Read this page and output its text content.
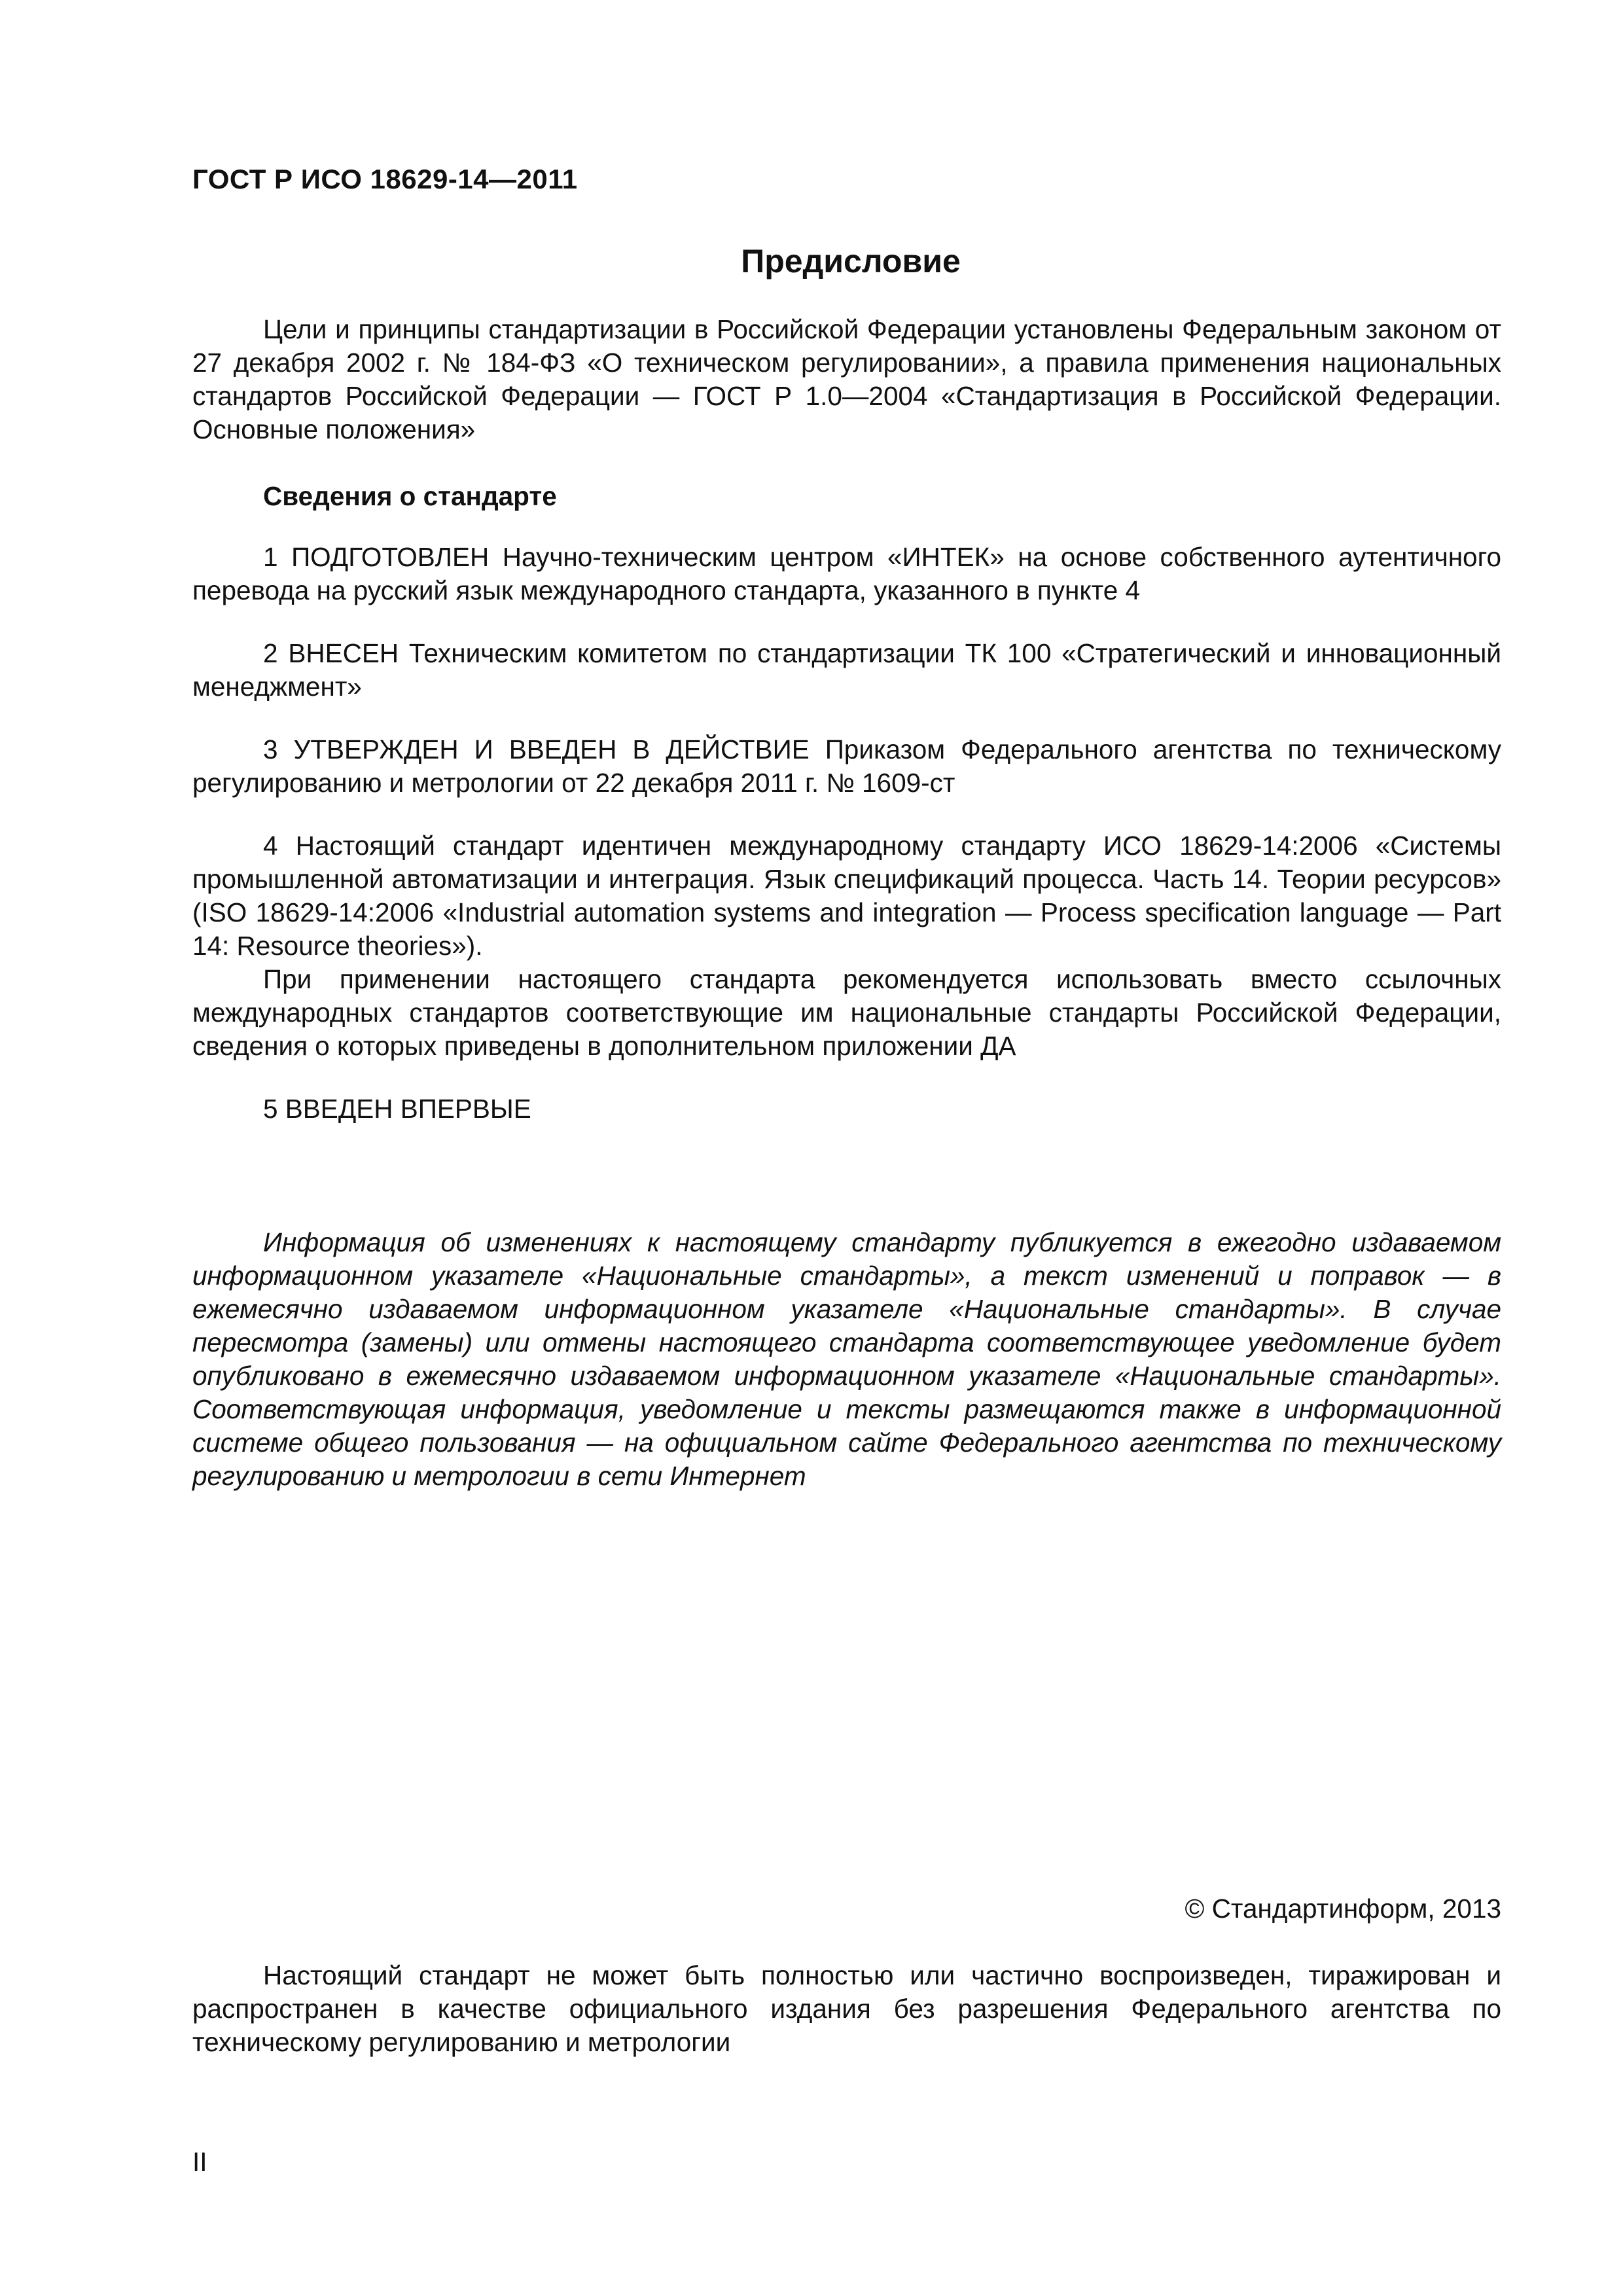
ГОСТ Р ИСО 18629-14—2011
Предисловие

Цели и принципы стандартизации в Российской Федерации установлены Федеральным законом от 27 декабря 2002 г. № 184-ФЗ «О техническом регулировании», а правила применения национальных стандартов Российской Федерации — ГОСТ Р 1.0—2004 «Стандартизация в Российской Федерации. Основные положения»

Сведения о стандарте

1 ПОДГОТОВЛЕН Научно-техническим центром «ИНТЕК» на основе собственного аутентичного перевода на русский язык международного стандарта, указанного в пункте 4

2 ВНЕСЕН Техническим комитетом по стандартизации ТК 100 «Стратегический и инновационный менеджмент»

3 УТВЕРЖДЕН И ВВЕДЕН В ДЕЙСТВИЕ Приказом Федерального агентства по техническому регулированию и метрологии от 22 декабря 2011 г. № 1609-ст

4 Настоящий стандарт идентичен международному стандарту ИСО 18629-14:2006 «Системы промышленной автоматизации и интеграция. Язык спецификаций процесса. Часть 14. Теории ресурсов» (ISO 18629-14:2006 «Industrial automation systems and integration — Process specification language — Part 14: Resource theories»).

При применении настоящего стандарта рекомендуется использовать вместо ссылочных международных стандартов соответствующие им национальные стандарты Российской Федерации, сведения о которых приведены в дополнительном приложении ДА

5 ВВЕДЕН ВПЕРВЫЕ

Информация об изменениях к настоящему стандарту публикуется в ежегодно издаваемом информационном указателе «Национальные стандарты», а текст изменений и поправок — в ежемесячно издаваемом информационном указателе «Национальные стандарты». В случае пересмотра (замены) или отмены настоящего стандарта соответствующее уведомление будет опубликовано в ежемесячно издаваемом информационном указателе «Национальные стандарты». Соответствующая информация, уведомление и тексты размещаются также в информационной системе общего пользования — на официальном сайте Федерального агентства по техническому регулированию и метрологии в сети Интернет

© Стандартинформ, 2013

Настоящий стандарт не может быть полностью или частично воспроизведен, тиражирован и распространен в качестве официального издания без разрешения Федерального агентства по техническому регулированию и метрологии

II
